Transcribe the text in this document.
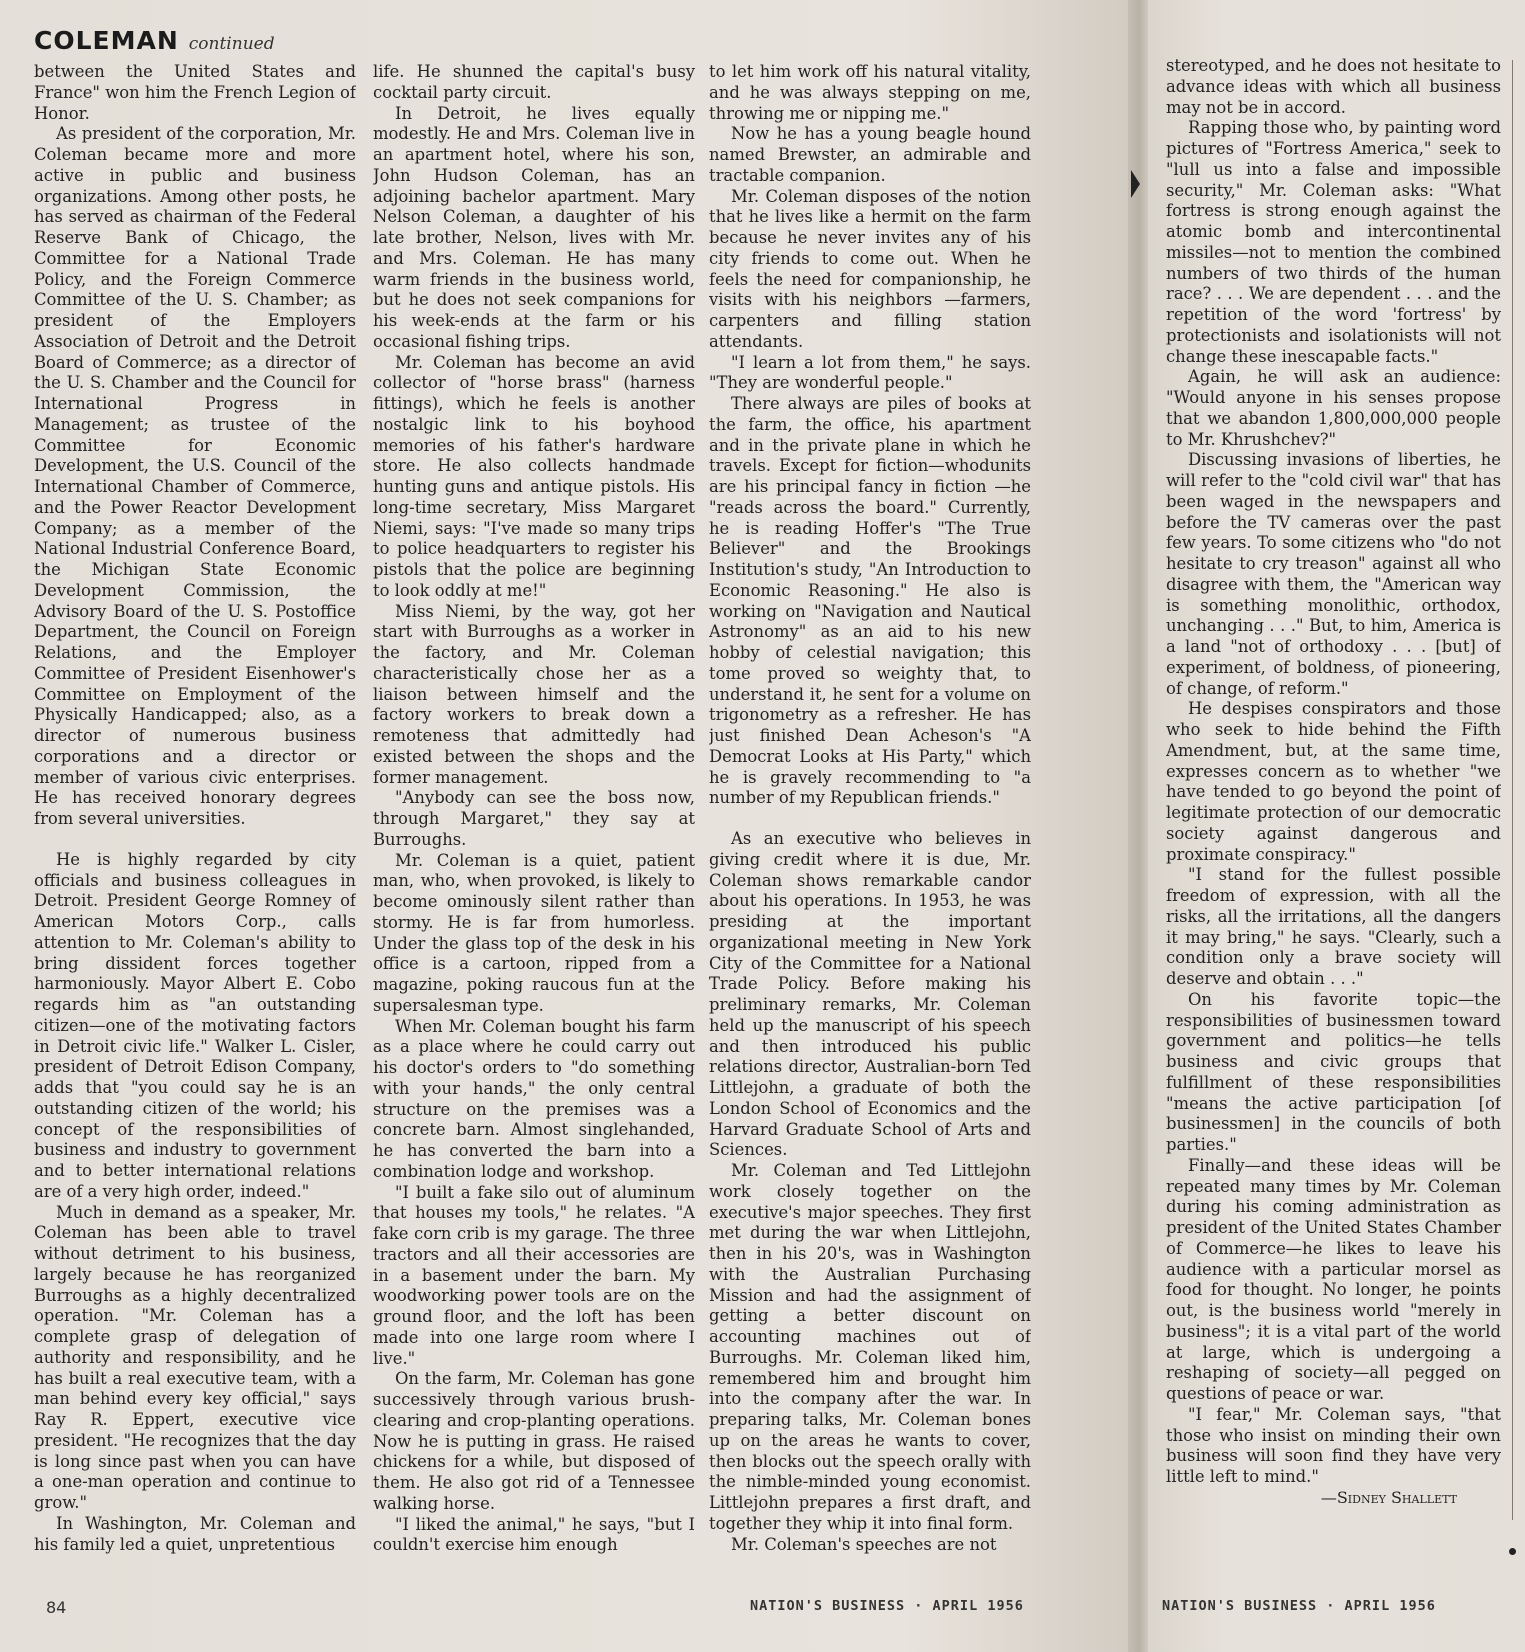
COLEMAN continued

between the United States and France" won him the French Legion of Honor.

As president of the corporation, Mr. Coleman became more and more active in public and business organizations. Among other posts, he has served as chairman of the Federal Reserve Bank of Chicago, the Committee for a National Trade Policy, and the Foreign Commerce Committee of the U. S. Chamber; as president of the Employers Association of Detroit and the Detroit Board of Commerce; as a director of the U. S. Chamber and the Council for International Progress in Management; as trustee of the Committee for Economic Development, the U.S. Council of the International Chamber of Commerce, and the Power Reactor Development Company; as a member of the National Industrial Conference Board, the Michigan State Economic Development Commission, the Advisory Board of the U. S. Postoffice Department, the Council on Foreign Relations, and the Employer Committee of President Eisenhower's Committee on Employment of the Physically Handicapped; also, as a director of numerous business corporations and a director or member of various civic enterprises. He has received honorary degrees from several universities.

He is highly regarded by city officials and business colleagues in Detroit. President George Romney of American Motors Corp., calls attention to Mr. Coleman's ability to bring dissident forces together harmoniously. Mayor Albert E. Cobo regards him as "an outstanding citizen—one of the motivating factors in Detroit civic life." Walker L. Cisler, president of Detroit Edison Company, adds that "you could say he is an outstanding citizen of the world; his concept of the responsibilities of business and industry to government and to better international relations are of a very high order, indeed."

Much in demand as a speaker, Mr. Coleman has been able to travel without detriment to his business, largely because he has reorganized Burroughs as a highly decentralized operation. "Mr. Coleman has a complete grasp of delegation of authority and responsibility, and he has built a real executive team, with a man behind every key official," says Ray R. Eppert, executive vice president. "He recognizes that the day is long since past when you can have a one-man operation and continue to grow."

In Washington, Mr. Coleman and his family led a quiet, unpretentious

life. He shunned the capital's busy cocktail party circuit.

In Detroit, he lives equally modestly. He and Mrs. Coleman live in an apartment hotel, where his son, John Hudson Coleman, has an adjoining bachelor apartment. Mary Nelson Coleman, a daughter of his late brother, Nelson, lives with Mr. and Mrs. Coleman. He has many warm friends in the business world, but he does not seek companions for his week-ends at the farm or his occasional fishing trips.

Mr. Coleman has become an avid collector of "horse brass" (harness fittings), which he feels is another nostalgic link to his boyhood memories of his father's hardware store. He also collects handmade hunting guns and antique pistols. His long-time secretary, Miss Margaret Niemi, says: "I've made so many trips to police headquarters to register his pistols that the police are beginning to look oddly at me!"

Miss Niemi, by the way, got her start with Burroughs as a worker in the factory, and Mr. Coleman characteristically chose her as a liaison between himself and the factory workers to break down a remoteness that admittedly had existed between the shops and the former management.

"Anybody can see the boss now, through Margaret," they say at Burroughs.

Mr. Coleman is a quiet, patient man, who, when provoked, is likely to become ominously silent rather than stormy. He is far from humorless. Under the glass top of the desk in his office is a cartoon, ripped from a magazine, poking raucous fun at the supersalesman type.

When Mr. Coleman bought his farm as a place where he could carry out his doctor's orders to "do something with your hands," the only central structure on the premises was a concrete barn. Almost singlehanded, he has converted the barn into a combination lodge and workshop.

"I built a fake silo out of aluminum that houses my tools," he relates. "A fake corn crib is my garage. The three tractors and all their accessories are in a basement under the barn. My woodworking power tools are on the ground floor, and the loft has been made into one large room where I live."

On the farm, Mr. Coleman has gone successively through various brush-clearing and crop-planting operations. Now he is putting in grass. He raised chickens for a while, but disposed of them. He also got rid of a Tennessee walking horse.

"I liked the animal," he says, "but I couldn't exercise him enough

to let him work off his natural vitality, and he was always stepping on me, throwing me or nipping me."

Now he has a young beagle hound named Brewster, an admirable and tractable companion.

Mr. Coleman disposes of the notion that he lives like a hermit on the farm because he never invites any of his city friends to come out. When he feels the need for companionship, he visits with his neighbors —farmers, carpenters and filling station attendants.

"I learn a lot from them," he says. "They are wonderful people."

There always are piles of books at the farm, the office, his apartment and in the private plane in which he travels. Except for fiction—whodunits are his principal fancy in fiction —he "reads across the board." Currently, he is reading Hoffer's "The True Believer" and the Brookings Institution's study, "An Introduction to Economic Reasoning." He also is working on "Navigation and Nautical Astronomy" as an aid to his new hobby of celestial navigation; this tome proved so weighty that, to understand it, he sent for a volume on trigonometry as a refresher. He has just finished Dean Acheson's "A Democrat Looks at His Party," which he is gravely recommending to "a number of my Republican friends."

As an executive who believes in giving credit where it is due, Mr. Coleman shows remarkable candor about his operations. In 1953, he was presiding at the important organizational meeting in New York City of the Committee for a National Trade Policy. Before making his preliminary remarks, Mr. Coleman held up the manuscript of his speech and then introduced his public relations director, Australian-born Ted Littlejohn, a graduate of both the London School of Economics and the Harvard Graduate School of Arts and Sciences.

Mr. Coleman and Ted Littlejohn work closely together on the executive's major speeches. They first met during the war when Littlejohn, then in his 20's, was in Washington with the Australian Purchasing Mission and had the assignment of getting a better discount on accounting machines out of Burroughs. Mr. Coleman liked him, remembered him and brought him into the company after the war. In preparing talks, Mr. Coleman bones up on the areas he wants to cover, then blocks out the speech orally with the nimble-minded young economist. Littlejohn prepares a first draft, and together they whip it into final form.

Mr. Coleman's speeches are not

stereotyped, and he does not hesitate to advance ideas with which all business may not be in accord.

Rapping those who, by painting word pictures of "Fortress America," seek to "lull us into a false and impossible security," Mr. Coleman asks: "What fortress is strong enough against the atomic bomb and intercontinental missiles—not to mention the combined numbers of two thirds of the human race? . . . We are dependent . . . and the repetition of the word 'fortress' by protectionists and isolationists will not change these inescapable facts."

Again, he will ask an audience: "Would anyone in his senses propose that we abandon 1,800,000,000 people to Mr. Khrushchev?"

Discussing invasions of liberties, he will refer to the "cold civil war" that has been waged in the newspapers and before the TV cameras over the past few years. To some citizens who "do not hesitate to cry treason" against all who disagree with them, the "American way is something monolithic, orthodox, unchanging . . ." But, to him, America is a land "not of orthodoxy . . . [but] of experiment, of boldness, of pioneering, of change, of reform."

He despises conspirators and those who seek to hide behind the Fifth Amendment, but, at the same time, expresses concern as to whether "we have tended to go beyond the point of legitimate protection of our democratic society against dangerous and proximate conspiracy."

"I stand for the fullest possible freedom of expression, with all the risks, all the irritations, all the dangers it may bring," he says. "Clearly, such a condition only a brave society will deserve and obtain . . ."

On his favorite topic—the responsibilities of businessmen toward government and politics—he tells business and civic groups that fulfillment of these responsibilities "means the active participation [of businessmen] in the councils of both parties."

Finally—and these ideas will be repeated many times by Mr. Coleman during his coming administration as president of the United States Chamber of Commerce—he likes to leave his audience with a particular morsel as food for thought. No longer, he points out, is the business world "merely in business"; it is a vital part of the world at large, which is undergoing a reshaping of society—all pegged on questions of peace or war.

"I fear," Mr. Coleman says, "that those who insist on minding their own business will soon find they have very little left to mind."

—Sidney Shallett

84	NATION'S BUSINESS · APRIL 1956	NATION'S BUSINESS · APRIL 1956
